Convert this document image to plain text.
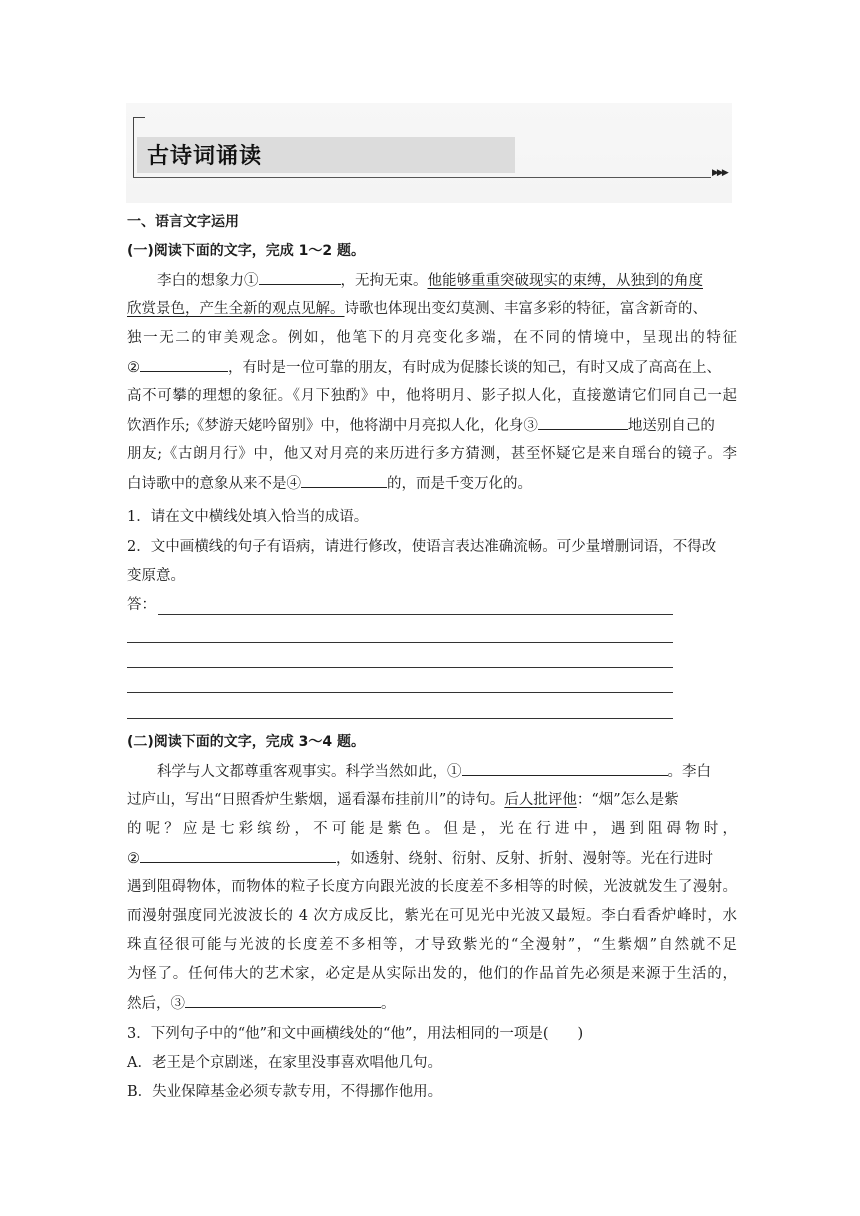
古诗词诵读
▶▶▶
一、语言文字运用
(一)阅读下面的文字，完成 1～2 题。
李白的想象力①	，无拘无束。他能够重重突破现实的束缚，从独到的角度
欣赏景色，产生全新的观点见解。诗歌也体现出变幻莫测、丰富多彩的特征，富含新奇的、
独一无二的审美观念。例如，他笔下的月亮变化多端，在不同的情境中，呈现出的特征
②	，有时是一位可靠的朋友，有时成为促膝长谈的知己，有时又成了高高在上、
高不可攀的理想的象征。《月下独酌》中，他将明月、影子拟人化，直接邀请它们同自己一起
饮酒作乐;《梦游天姥吟留别》中，他将湖中月亮拟人化，化身③	地送别自己的
朋友;《古朗月行》中，他又对月亮的来历进行多方猜测，甚至怀疑它是来自瑶台的镜子。李
白诗歌中的意象从来不是④	的，而是千变万化的。
1．请在文中横线处填入恰当的成语。
2．文中画横线的句子有语病，请进行修改，使语言表达准确流畅。可少量增删词语，不得改
变原意。
答：
(二)阅读下面的文字，完成 3～4 题。
科学与人文都尊重客观事实。科学当然如此，①	。李白
过庐山，写出“日照香炉生紫烟，遥看瀑布挂前川”的诗句。后人批评他：“烟”怎么是紫
的呢？应是七彩缤纷，不可能是紫色。但是，光在行进中，遇到阻碍物时，
②	，如透射、绕射、衍射、反射、折射、漫射等。光在行进时
遇到阻碍物体，而物体的粒子长度方向跟光波的长度差不多相等的时候，光波就发生了漫射。
而漫射强度同光波波长的 4 次方成反比，紫光在可见光中光波又最短。李白看香炉峰时，水
珠直径很可能与光波的长度差不多相等，才导致紫光的“全漫射”，“生紫烟”自然就不足
为怪了。任何伟大的艺术家，必定是从实际出发的，他们的作品首先必须是来源于生活的，
然后，③	。
3．下列句子中的“他”和文中画横线处的“他”，用法相同的一项是(　　)
A．老王是个京剧迷，在家里没事喜欢唱他几句。
B．失业保障基金必须专款专用，不得挪作他用。
